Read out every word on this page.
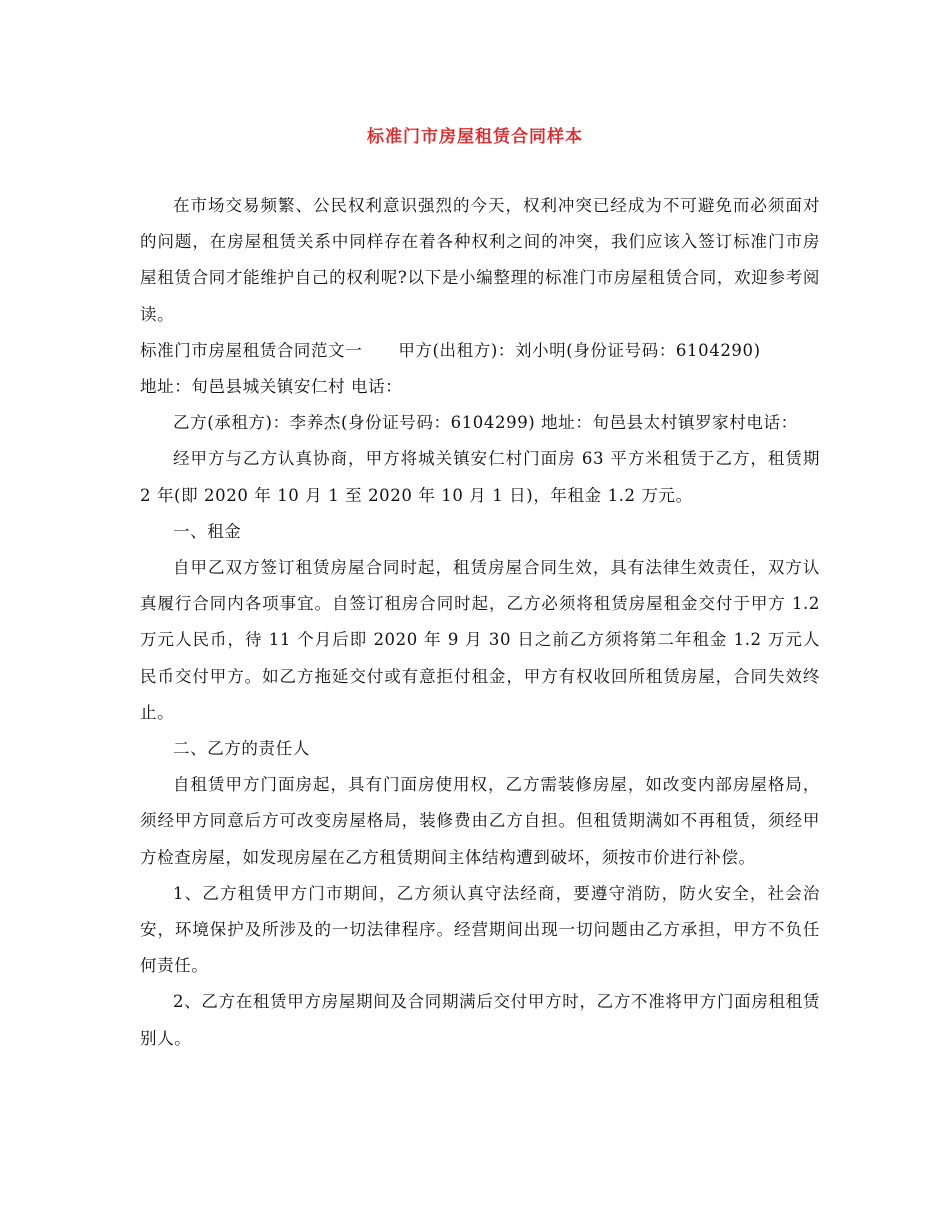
标准门市房屋租赁合同样本

在市场交易频繁、公民权利意识强烈的今天，权利冲突已经成为不可避免而必须面对的问题，在房屋租赁关系中同样存在着各种权利之间的冲突，我们应该入签订标准门市房屋租赁合同才能维护自己的权利呢?以下是小编整理的标准门市房屋租赁合同，欢迎参考阅读。

标准门市房屋租赁合同范文一 甲方(出租方)：刘小明(身份证号码：6104290)

地址：旬邑县城关镇安仁村 电话：

乙方(承租方)：李养杰(身份证号码：6104299) 地址：旬邑县太村镇罗家村电话：

经甲方与乙方认真协商，甲方将城关镇安仁村门面房 63 平方米租赁于乙方，租赁期 2 年(即 2020 年 10 月 1 至 2020 年 10 月 1 日)，年租金 1.2 万元。

一、租金

自甲乙双方签订租赁房屋合同时起，租赁房屋合同生效，具有法律生效责任，双方认真履行合同内各项事宜。自签订租房合同时起，乙方必须将租赁房屋租金交付于甲方 1.2 万元人民币，待 11 个月后即 2020 年 9 月 30 日之前乙方须将第二年租金 1.2 万元人民币交付甲方。如乙方拖延交付或有意拒付租金，甲方有权收回所租赁房屋，合同失效终止。

二、乙方的责任人

自租赁甲方门面房起，具有门面房使用权，乙方需装修房屋，如改变内部房屋格局，须经甲方同意后方可改变房屋格局，装修费由乙方自担。但租赁期满如不再租赁，须经甲方检查房屋，如发现房屋在乙方租赁期间主体结构遭到破坏，须按市价进行补偿。

1、乙方租赁甲方门市期间，乙方须认真守法经商，要遵守消防，防火安全，社会治安，环境保护及所涉及的一切法律程序。经营期间出现一切问题由乙方承担，甲方不负任何责任。

2、乙方在租赁甲方房屋期间及合同期满后交付甲方时，乙方不准将甲方门面房租租赁别人。
